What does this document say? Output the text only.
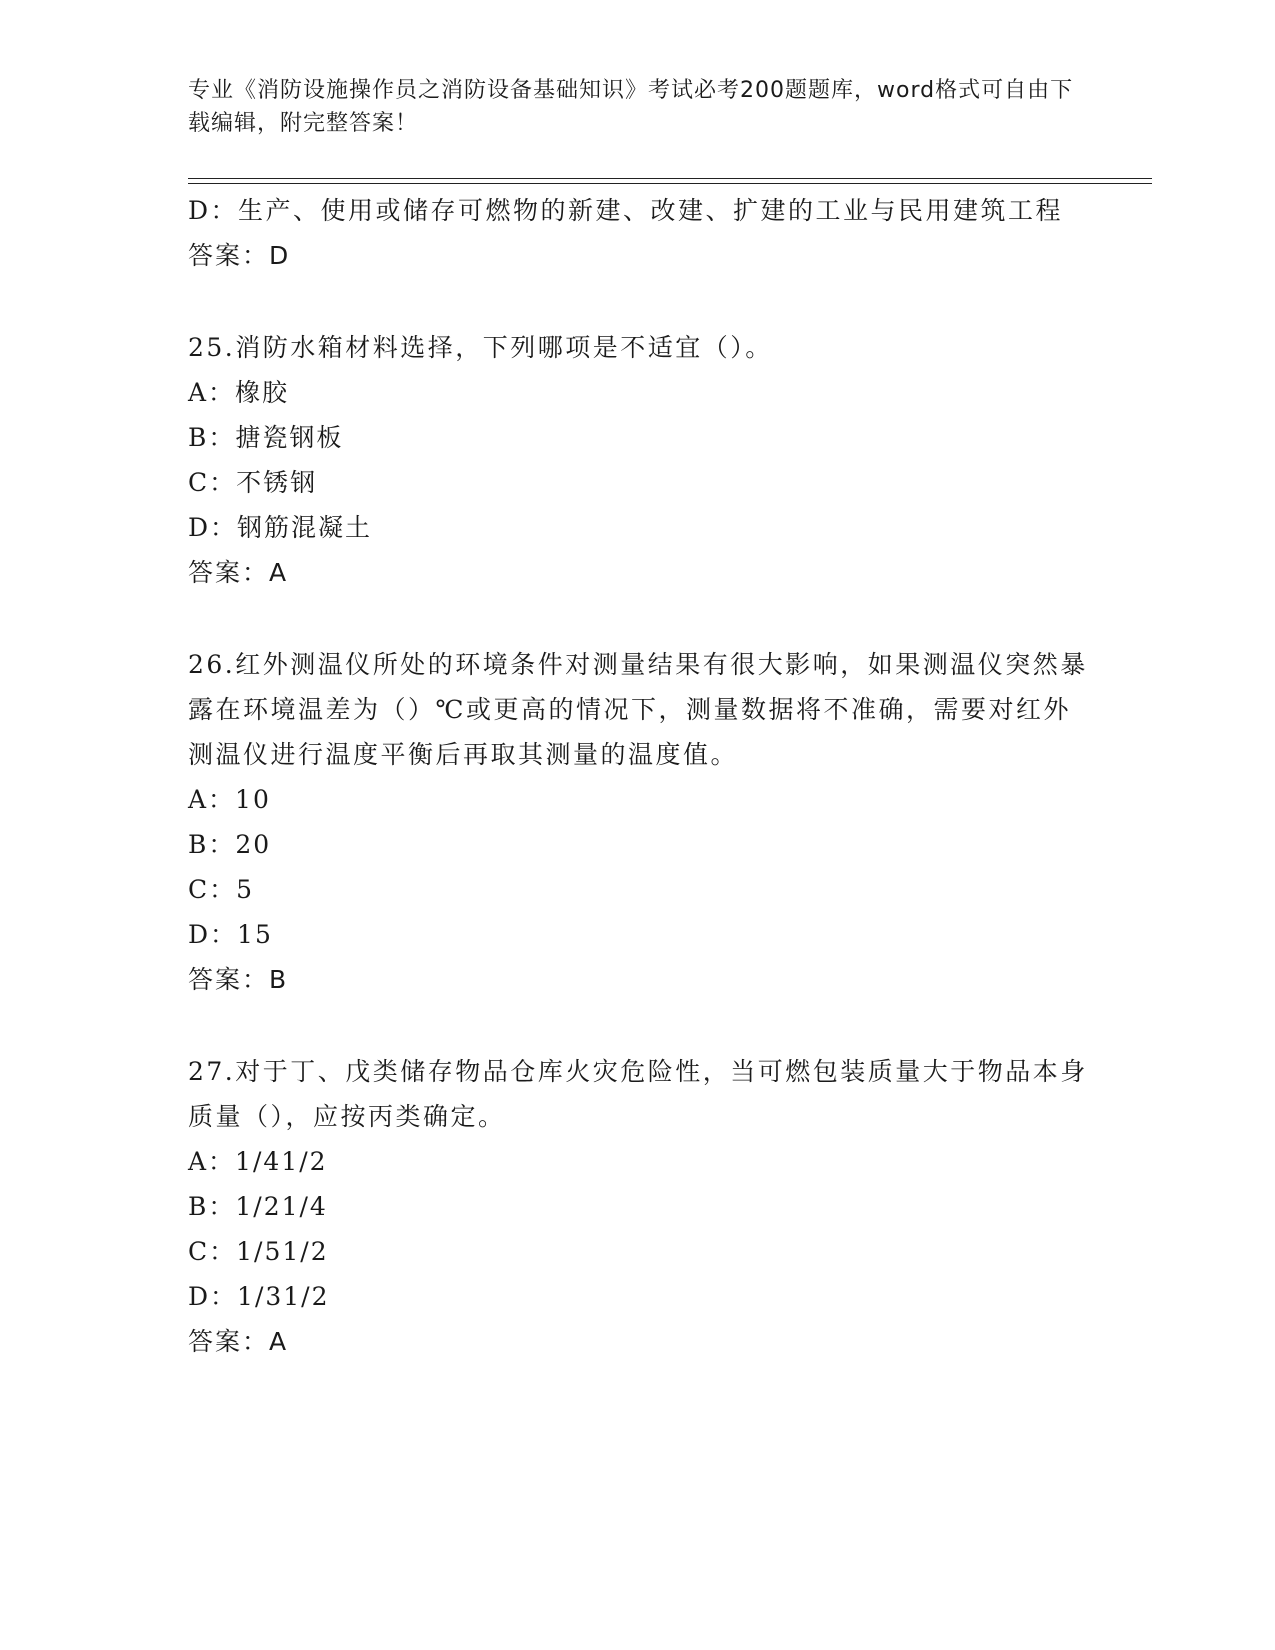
专业《消防设施操作员之消防设备基础知识》考试必考200题题库，word格式可自由下载编辑，附完整答案！
D：生产、使用或储存可燃物的新建、改建、扩建的工业与民用建筑工程
答案：D
25.消防水箱材料选择，下列哪项是不适宜（）。
A：橡胶
B：搪瓷钢板
C：不锈钢
D：钢筋混凝土
答案：A
26.红外测温仪所处的环境条件对测量结果有很大影响，如果测温仪突然暴露在环境温差为（）℃或更高的情况下，测量数据将不准确，需要对红外测温仪进行温度平衡后再取其测量的温度值。
A：10
B：20
C：5
D：15
答案：B
27.对于丁、戊类储存物品仓库火灾危险性，当可燃包装质量大于物品本身质量（），应按丙类确定。
A：1/41/2
B：1/21/4
C：1/51/2
D：1/31/2
答案：A
